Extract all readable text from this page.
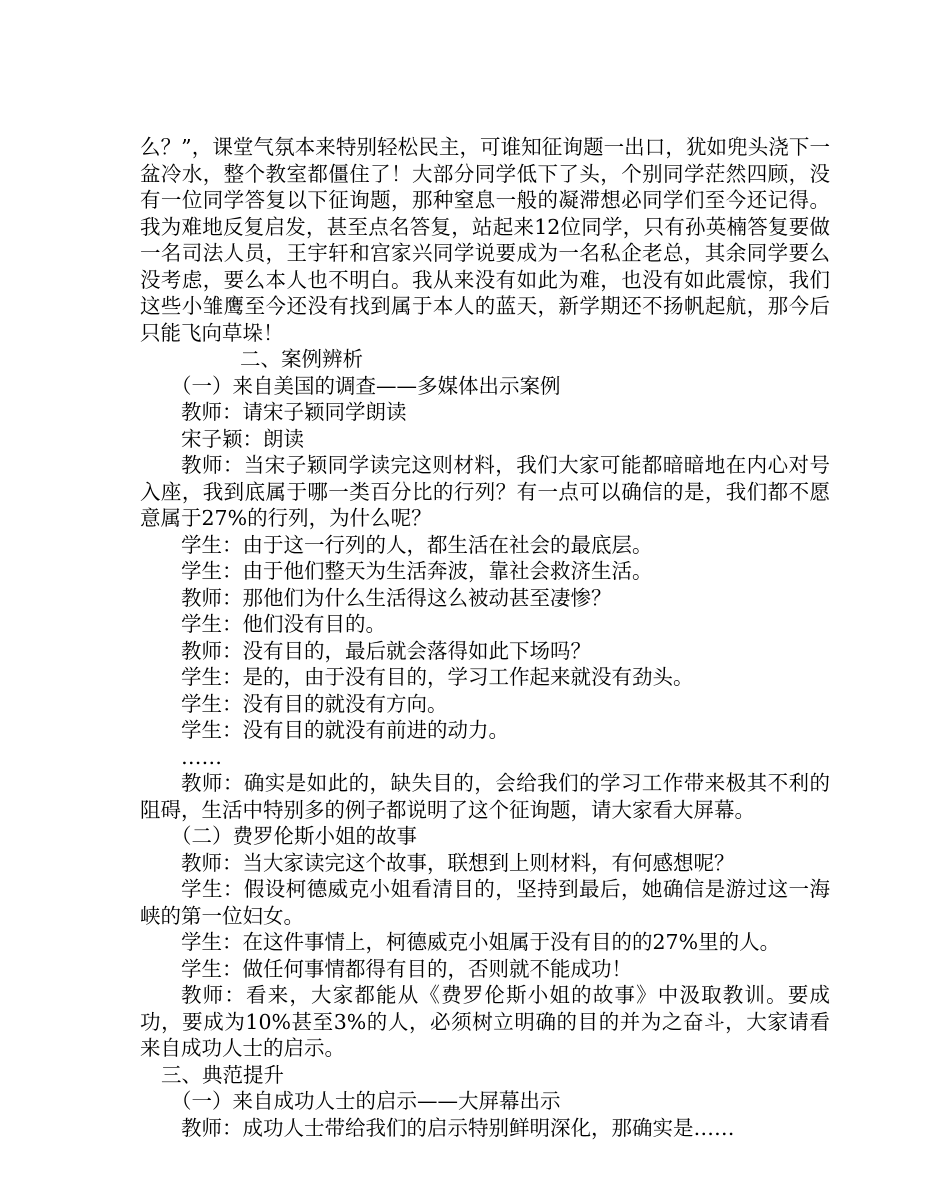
么？”，课堂气氛本来特别轻松民主，可谁知征询题一出口，犹如兜头浇下一盆冷水，整个教室都僵住了！大部分同学低下了头，个别同学茫然四顾，没有一位同学答复以下征询题，那种窒息一般的凝滞想必同学们至今还记得。我为难地反复启发，甚至点名答复，站起来12位同学，只有孙英楠答复要做一名司法人员，王宇轩和宫家兴同学说要成为一名私企老总，其余同学要么没考虑，要么本人也不明白。我从来没有如此为难，也没有如此震惊，我们这些小雏鹰至今还没有找到属于本人的蓝天，新学期还不扬帆起航，那今后只能飞向草垛！

二、案例辨析

（一）来自美国的调查——多媒体出示案例

教师：请宋子颖同学朗读

宋子颖：朗读

教师：当宋子颖同学读完这则材料，我们大家可能都暗暗地在内心对号入座，我到底属于哪一类百分比的行列？有一点可以确信的是，我们都不愿意属于27%的行列，为什么呢？

学生：由于这一行列的人，都生活在社会的最底层。

学生：由于他们整天为生活奔波，靠社会救济生活。

教师：那他们为什么生活得这么被动甚至凄惨？

学生：他们没有目的。

教师：没有目的，最后就会落得如此下场吗？

学生：是的，由于没有目的，学习工作起来就没有劲头。

学生：没有目的就没有方向。

学生：没有目的就没有前进的动力。

……

教师：确实是如此的，缺失目的，会给我们的学习工作带来极其不利的阻碍，生活中特别多的例子都说明了这个征询题，请大家看大屏幕。

（二）费罗伦斯小姐的故事

教师：当大家读完这个故事，联想到上则材料，有何感想呢？

学生：假设柯德威克小姐看清目的，坚持到最后，她确信是游过这一海峡的第一位妇女。

学生：在这件事情上，柯德威克小姐属于没有目的的27%里的人。

学生：做任何事情都得有目的，否则就不能成功！

教师：看来，大家都能从《费罗伦斯小姐的故事》中汲取教训。要成功，要成为10%甚至3%的人，必须树立明确的目的并为之奋斗，大家请看来自成功人士的启示。

三、典范提升

（一）来自成功人士的启示——大屏幕出示

教师：成功人士带给我们的启示特别鲜明深化，那确实是……
